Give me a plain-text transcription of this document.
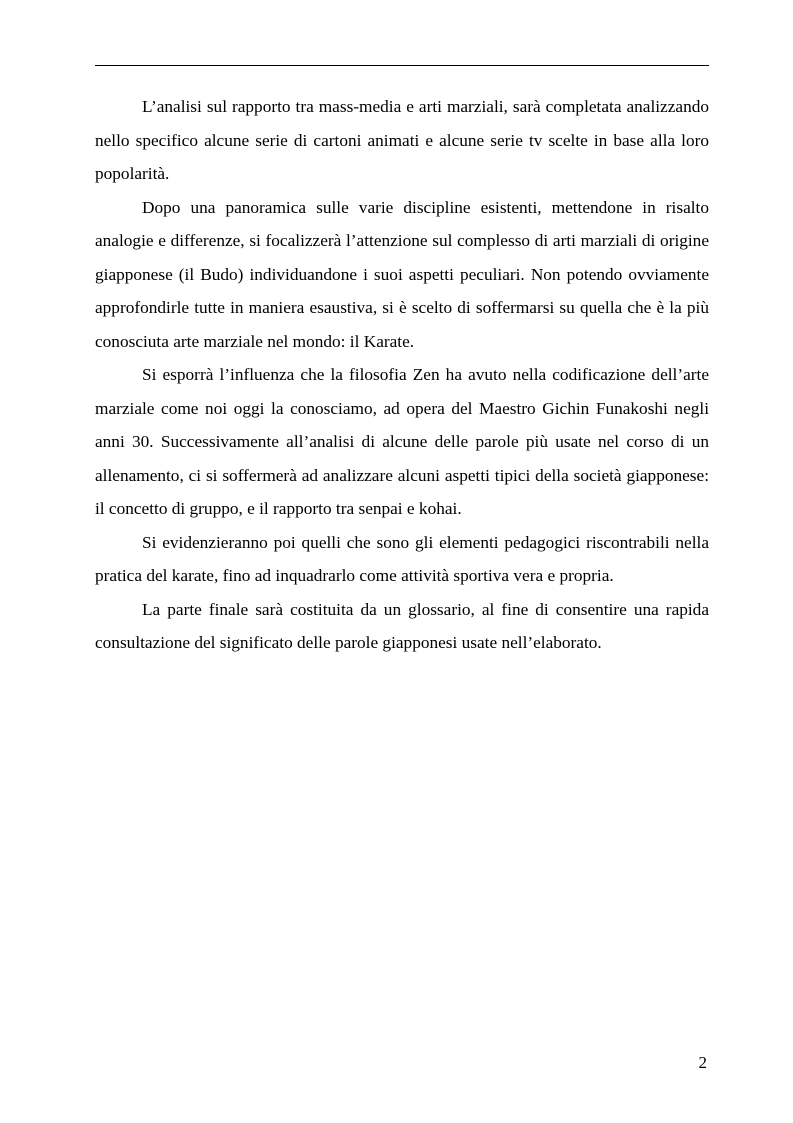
L’analisi sul rapporto tra mass-media e arti marziali, sarà completata analizzando nello specifico alcune serie di cartoni animati e alcune serie tv scelte in base alla loro popolarità.

Dopo una panoramica sulle varie discipline esistenti, mettendone in risalto analogie e differenze, si focalizzerà l’attenzione sul complesso di arti marziali di origine giapponese (il Budo) individuandone i suoi aspetti peculiari. Non potendo ovviamente approfondirle tutte in maniera esaustiva, si è scelto di soffermarsi su quella che è la più conosciuta arte marziale nel mondo: il Karate.

Si esporrà l’influenza che la filosofia Zen ha avuto nella codificazione dell’arte marziale come noi oggi la conosciamo, ad opera del Maestro Gichin Funakoshi negli anni 30. Successivamente all’analisi di alcune delle parole più usate nel corso di un allenamento, ci si soffermerà ad analizzare alcuni aspetti tipici della società giapponese: il concetto di gruppo, e il rapporto tra senpai e kohai.

Si evidenzieranno poi quelli che sono gli elementi pedagogici riscontrabili nella pratica del karate, fino ad inquadrarlo come attività sportiva vera e propria.

La parte finale sarà costituita da un glossario, al fine di consentire una rapida consultazione del significato delle parole giapponesi usate nell’elaborato.

2
